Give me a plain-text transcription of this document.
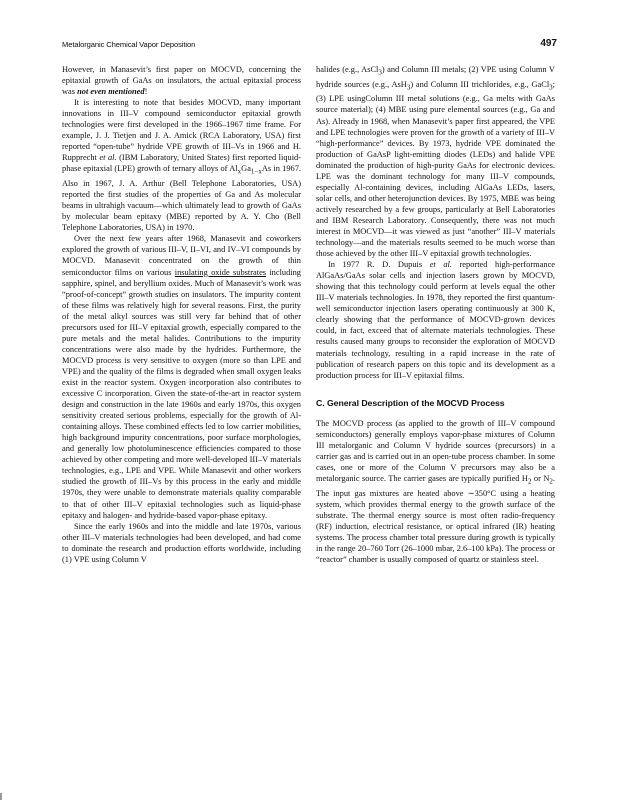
Metalorganic Chemical Vapor Deposition	497

However, in Manasevit’s first paper on MOCVD, concerning the epitaxial growth of GaAs on insulators, the actual epitaxial process was not even mentioned!

It is interesting to note that besides MOCVD, many important innovations in III–V compound semiconductor epitaxial growth technologies were first developed in the 1966–1967 time frame. For example, J. J. Tietjen and J. A. Amick (RCA Laboratory, USA) first reported “open-tube” hydride VPE growth of III–Vs in 1966 and H. Rupprecht et al. (IBM Laboratory, United States) first reported liquid-phase epitaxial (LPE) growth of ternary alloys of $Al_xGa_{1-x}As$ in 1967. Also in 1967, J. A. Arthur (Bell Telephone Laboratories, USA) reported the first studies of the properties of Ga and As molecular beams in ultrahigh vacuum—which ultimately lead to growth of GaAs by molecular beam epitaxy (MBE) reported by A. Y. Cho (Bell Telephone Laboratories, USA) in 1970.

Over the next few years after 1968, Manasevit and coworkers explored the growth of various III–V, II–VI, and IV–VI compounds by MOCVD. Manasevit concentrated on the growth of thin semiconductor films on various insulating oxide substrates including sapphire, spinel, and beryllium oxides. Much of Manasevit’s work was “proof-of-concept” growth studies on insulators. The impurity content of these films was relatively high for several reasons. First, the purity of the metal alkyl sources was still very far behind that of other precursors used for III–V epitaxial growth, especially compared to the pure metals and the metal halides. Contributions to the impurity concentrations were also made by the hydrides. Furthermore, the MOCVD process is very sensitive to oxygen (more so than LPE and VPE) and the quality of the films is degraded when small oxygen leaks exist in the reactor system. Oxygen incorporation also contributes to excessive C incorporation. Given the state-of-the-art in reactor system design and construction in the late 1960s and early 1970s, this oxygen sensitivity created serious problems, especially for the growth of Al-containing alloys. These combined effects led to low carrier mobilities, high background impurity concentrations, poor surface morphologies, and generally low photoluminescence efficiencies compared to those achieved by other competing and more well-developed III–V materials technologies, e.g., LPE and VPE. While Manasevit and other workers studied the growth of III–Vs by this process in the early and middle 1970s, they were unable to demonstrate materials quality comparable to that of other III–V epitaxial technologies such as liquid-phase epitaxy and halogen- and hydride-based vapor-phase epitaxy.

Since the early 1960s and into the middle and late 1970s, various other III–V materials technologies had been developed, and had come to dominate the research and production efforts worldwide, including (1) VPE using Column V

halides (e.g., AsCl$_3$) and Column III metals; (2) VPE using Column V hydride sources (e.g., AsH$_3$) and Column III trichlorides, e.g., GaCl$_3$; (3) LPE usingColumn III metal solutions (e.g., Ga melts with GaAs source material); (4) MBE using pure elemental sources (e.g., Ga and As). Already in 1968, when Manasevit’s paper first appeared, the VPE and LPE technologies were proven for the growth of a variety of III–V “high-performance” devices. By 1973, hydride VPE dominated the production of GaAsP light-emitting diodes (LEDs) and halide VPE dominated the production of high-purity GaAs for electronic devices. LPE was the dominant technology for many III–V compounds, especially Al-containing devices, including AlGaAs LEDs, lasers, solar cells, and other heterojunction devices. By 1975, MBE was being actively researched by a few groups, particularly at Bell Laboratories and IBM Research Laboratory. Consequently, there was not much interest in MOCVD—it was viewed as just “another” III–V materials technology—and the materials results seemed to be much worse than those achieved by the other III–V epitaxial growth technologies.

In 1977 R. D. Dupuis et al. reported high-performance AlGaAs/GaAs solar cells and injection lasers grown by MOCVD, showing that this technology could perform at levels equal the other III–V materials technologies. In 1978, they reported the first quantum-well semiconductor injection lasers operating continuously at 300 K, clearly showing that the performance of MOCVD-grown devices could, in fact, exceed that of alternate materials technologies. These results caused many groups to reconsider the exploration of MOCVD materials technology, resulting in a rapid increase in the rate of publication of research papers on this topic and its development as a production process for III–V epitaxial films.

C. General Description of the MOCVD Process

The MOCVD process (as applied to the growth of III–V compound semiconductors) generally employs vapor-phase mixtures of Column III metalorganic and Column V hydride sources (precursors) in a carrier gas and is carried out in an open-tube process chamber. In some cases, one or more of the Column V precursors may also be a metalorganic source. The carrier gases are typically purified $H_2$ or $N_2$. The input gas mixtures are heated above ∼350°C using a heating system, which provides thermal energy to the growth surface of the substrate. The thermal energy source is most often radio-frequency (RF) induction, electrical resistance, or optical infrared (IR) heating systems. The process chamber total pressure during growth is typically in the range 20–760 Torr (26–1000 mbar, 2.6–100 kPa). The process or “reactor” chamber is usually composed of quartz or stainless steel.
